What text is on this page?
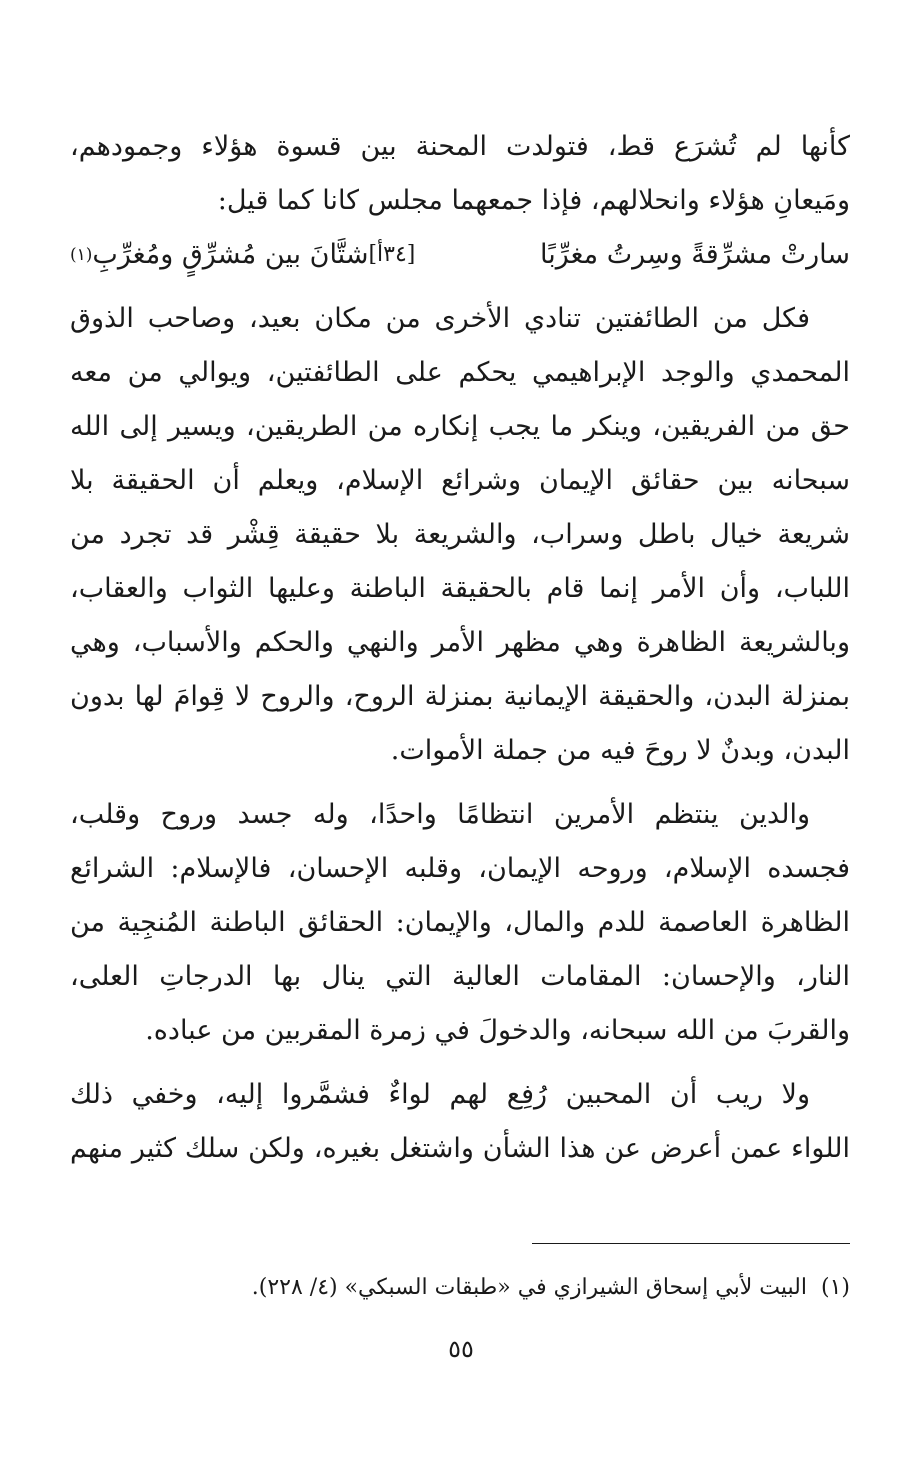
كأنها لم تُشرَع قط، فتولدت المحنة بين قسوة هؤلاء وجمودهم،
ومَيعانِ هؤلاء وانحلالهم، فإذا جمعهما مجلس كانا كما قيل:
سارتْ مشرِّقةً وسِرتُ مغرِّبًا
[٣٤أ]
شتَّانَ بين مُشرِّقٍ ومُغرِّبِ
(١)
فكل من الطائفتين تنادي الأخرى من مكان بعيد، وصاحب الذوق
المحمدي والوجد الإبراهيمي يحكم على الطائفتين، ويوالي من معه
حق من الفريقين، وينكر ما يجب إنكاره من الطريقين، ويسير إلى الله
سبحانه بين حقائق الإيمان وشرائع الإسلام، ويعلم أن الحقيقة بلا
شريعة خيال باطل وسراب، والشريعة بلا حقيقة قِشْر قد تجرد من
اللباب، وأن الأمر إنما قام بالحقيقة الباطنة وعليها الثواب والعقاب،
وبالشريعة الظاهرة وهي مظهر الأمر والنهي والحكم والأسباب، وهي
بمنزلة البدن، والحقيقة الإيمانية بمنزلة الروح، والروح لا قِوامَ لها بدون
البدن، وبدنٌ لا روحَ فيه من جملة الأموات.
والدين ينتظم الأمرين انتظامًا واحدًا، وله جسد وروح وقلب،
فجسده الإسلام، وروحه الإيمان، وقلبه الإحسان، فالإسلام: الشرائع
الظاهرة العاصمة للدم والمال، والإيمان: الحقائق الباطنة المُنجِية من
النار، والإحسان: المقامات العالية التي ينال بها الدرجاتِ العلى،
والقربَ من الله سبحانه، والدخولَ في زمرة المقربين من عباده.
ولا ريب أن المحبين رُفِع لهم لواءٌ فشمَّروا إليه، وخفي ذلك
اللواء عمن أعرض عن هذا الشأن واشتغل بغيره، ولكن سلك كثير منهم
(١)البيت لأبي إسحاق الشيرازي في «طبقات السبكي» (٤/ ٢٢٨).
٥٥
